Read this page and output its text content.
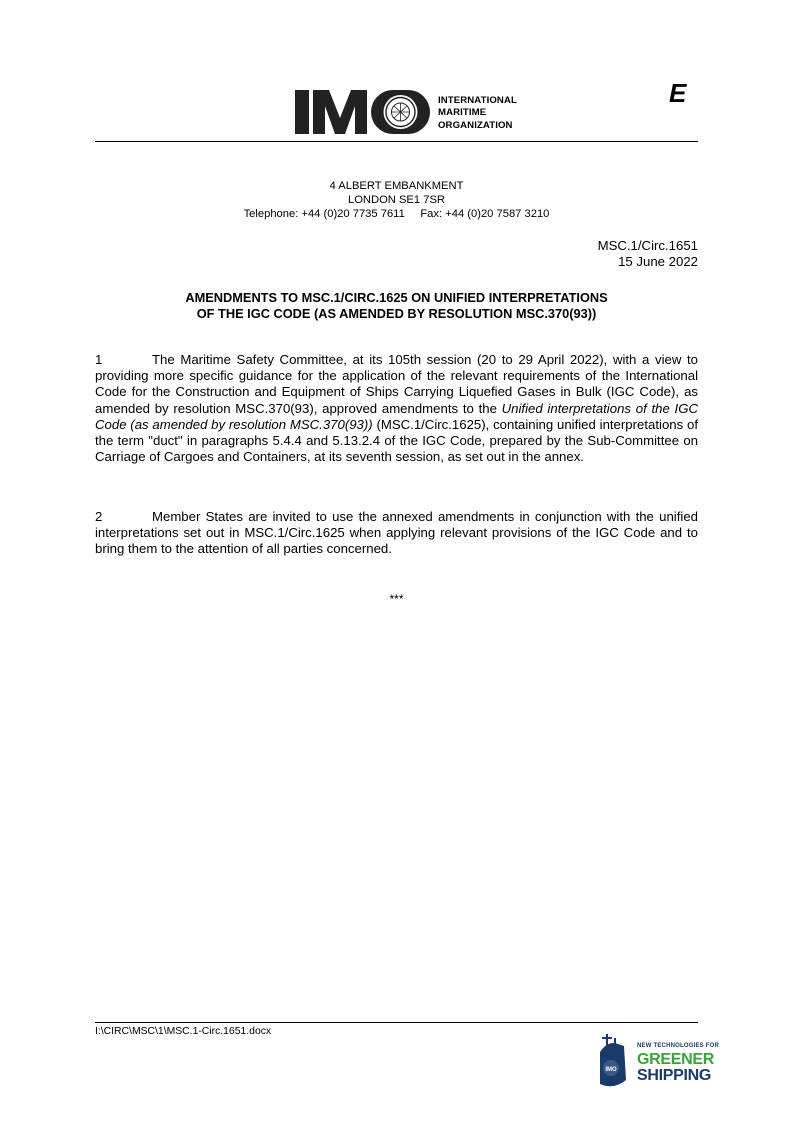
INTERNATIONAL
MARITIME
ORGANIZATION
E
4 ALBERT EMBANKMENT
LONDON SE1 7SR
Telephone: +44 (0)20 7735 7611     Fax: +44 (0)20 7587 3210
MSC.1/Circ.1651
15 June 2022
AMENDMENTS TO MSC.1/CIRC.1625 ON UNIFIED INTERPRETATIONS
OF THE IGC CODE (AS AMENDED BY RESOLUTION MSC.370(93))
1	The Maritime Safety Committee, at its 105th session (20 to 29 April 2022), with a view to providing more specific guidance for the application of the relevant requirements of the International Code for the Construction and Equipment of Ships Carrying Liquefied Gases in Bulk (IGC Code), as amended by resolution MSC.370(93), approved amendments to the Unified interpretations of the IGC Code (as amended by resolution MSC.370(93)) (MSC.1/Circ.1625), containing unified interpretations of the term "duct" in paragraphs 5.4.4 and 5.13.2.4 of the IGC Code, prepared by the Sub-Committee on Carriage of Cargoes and Containers, at its seventh session, as set out in the annex.
2	Member States are invited to use the annexed amendments in conjunction with the unified interpretations set out in MSC.1/Circ.1625 when applying relevant provisions of the IGC Code and to bring them to the attention of all parties concerned.
***
I:\CIRC\MSC\1\MSC.1-Circ.1651.docx
IMO
NEW TECHNOLOGIES FOR
GREENER
SHIPPING
